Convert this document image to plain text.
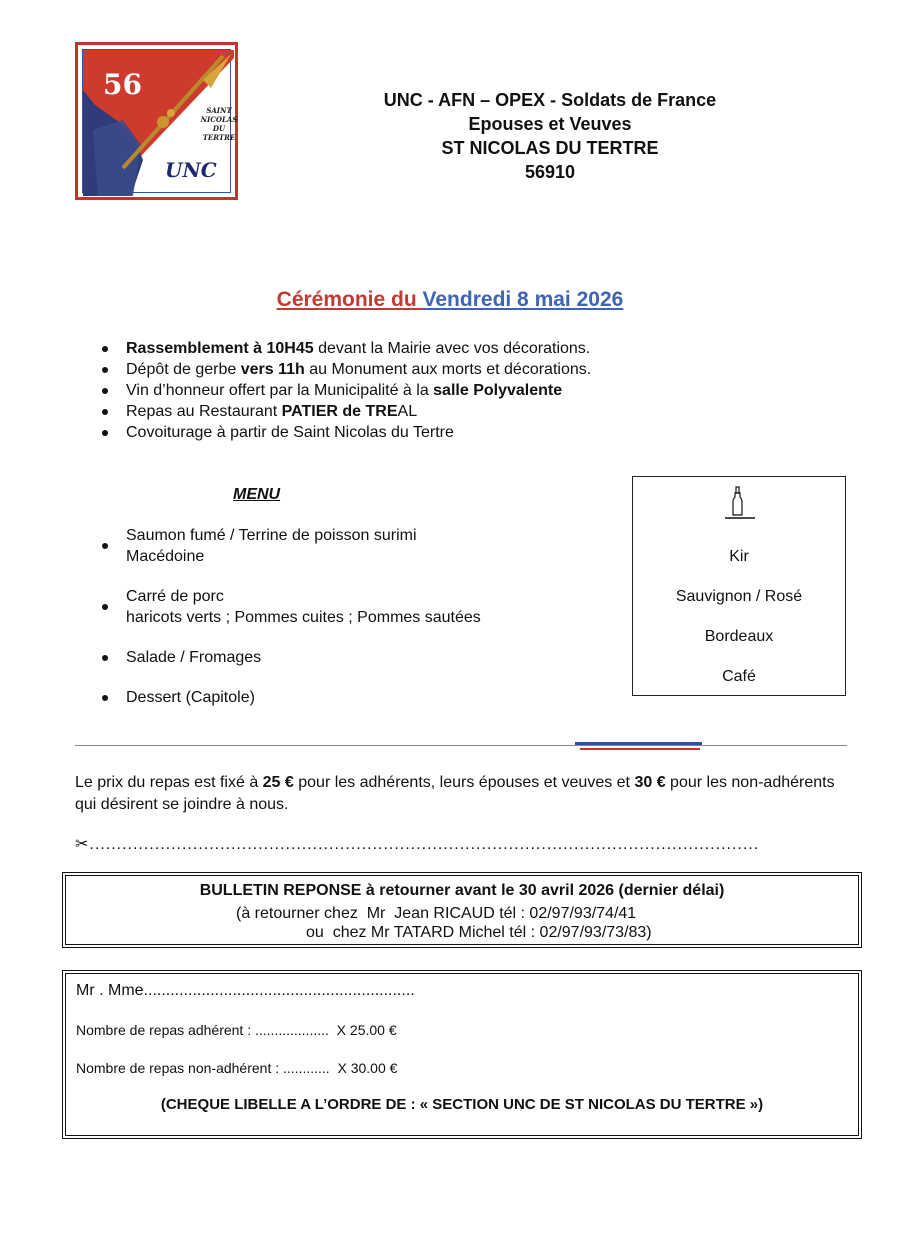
56
SAINT NICOLAS DU TERTRE
UNC
UNC - AFN – OPEX - Soldats de France
Epouses et Veuves
ST NICOLAS DU TERTRE
56910
Cérémonie du Vendredi 8 mai 2026
Rassemblement à 10H45 devant la Mairie avec vos décorations.
Dépôt de gerbe vers 11h au Monument aux morts et décorations.
Vin d’honneur offert par la Municipalité à la salle Polyvalente
Repas au Restaurant PATIER de TREAL
Covoiturage à partir de Saint Nicolas du Tertre
MENU
Saumon fumé / Terrine de poisson surimi
Macédoine
Carré de porc
haricots verts ; Pommes cuites ; Pommes sautées
Salade / Fromages
Dessert (Capitole)
Kir
Sauvignon / Rosé
Bordeaux
Café
Le prix du repas est fixé à 25 € pour les adhérents, leurs épouses et veuves et 30 € pour les non-adhérents qui désirent se joindre à nous.
✂...........................................................................................................................
BULLETIN REPONSE à retourner avant le 30 avril 2026 (dernier délai)
(à retourner chez  Mr  Jean RICAUD tél : 02/97/93/74/41
ou  chez Mr TATARD Michel tél : 02/97/93/73/83)
Mr . Mme.............................................................
Nombre de repas adhérent : ...................  X 25.00 €
Nombre de repas non-adhérent : ............  X 30.00 €
(CHEQUE LIBELLE A L’ORDRE DE : « SECTION UNC DE ST NICOLAS DU TERTRE »)
